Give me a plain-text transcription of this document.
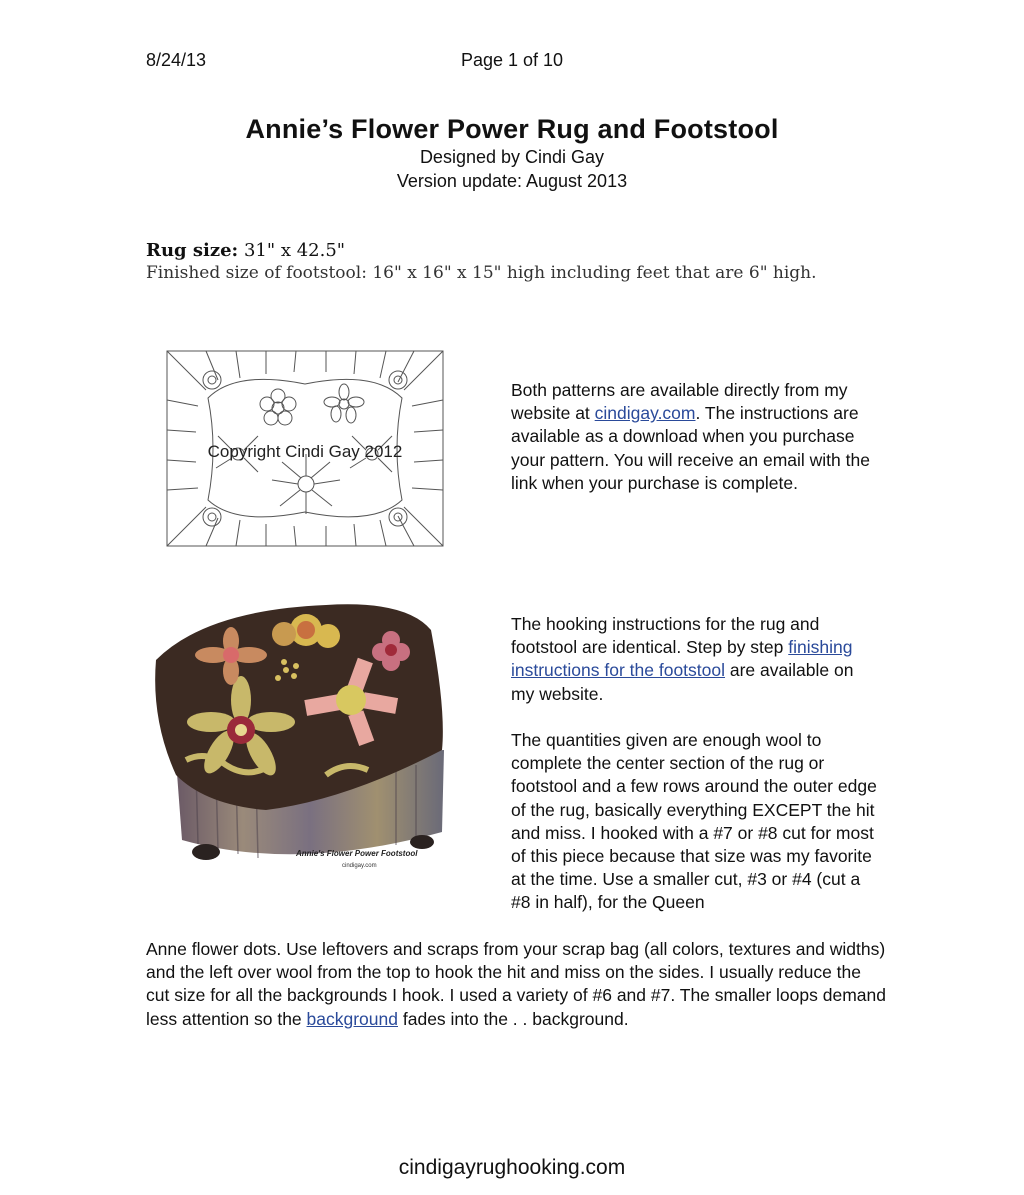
8/24/13	Page 1 of 10
Annie’s Flower Power Rug and Footstool
Designed by Cindi Gay
Version update: August 2013
Rug size: 31" x 42.5"
Finished size of footstool: 16" x 16" x 15" high including feet that are 6" high.
Copyright Cindi Gay 2012
Annie's Flower Power Footstool
cindigay.com
Both patterns are available directly from my website at cindigay.com. The instructions are available as a download when you purchase your pattern. You will receive an email with the link when your purchase is complete.
The hooking instructions for the rug and footstool are identical. Step by step finishing instructions for the footstool are available on my website.
The quantities given are enough wool to complete the center section of the rug or footstool and a few rows around the outer edge of the rug, basically everything EXCEPT the hit and miss. I hooked with a #7 or #8 cut for most of this piece because that size was my favorite at the time. Use a smaller cut, #3 or #4 (cut a #8 in half), for the Queen
Anne flower dots. Use leftovers and scraps from your scrap bag (all colors, textures and widths) and the left over wool from the top to hook the hit and miss on the sides. I usually reduce the cut size for all the backgrounds I hook. I used a variety of #6 and #7. The smaller loops demand less attention so the background fades into the . . background.
cindigayrughooking.com
